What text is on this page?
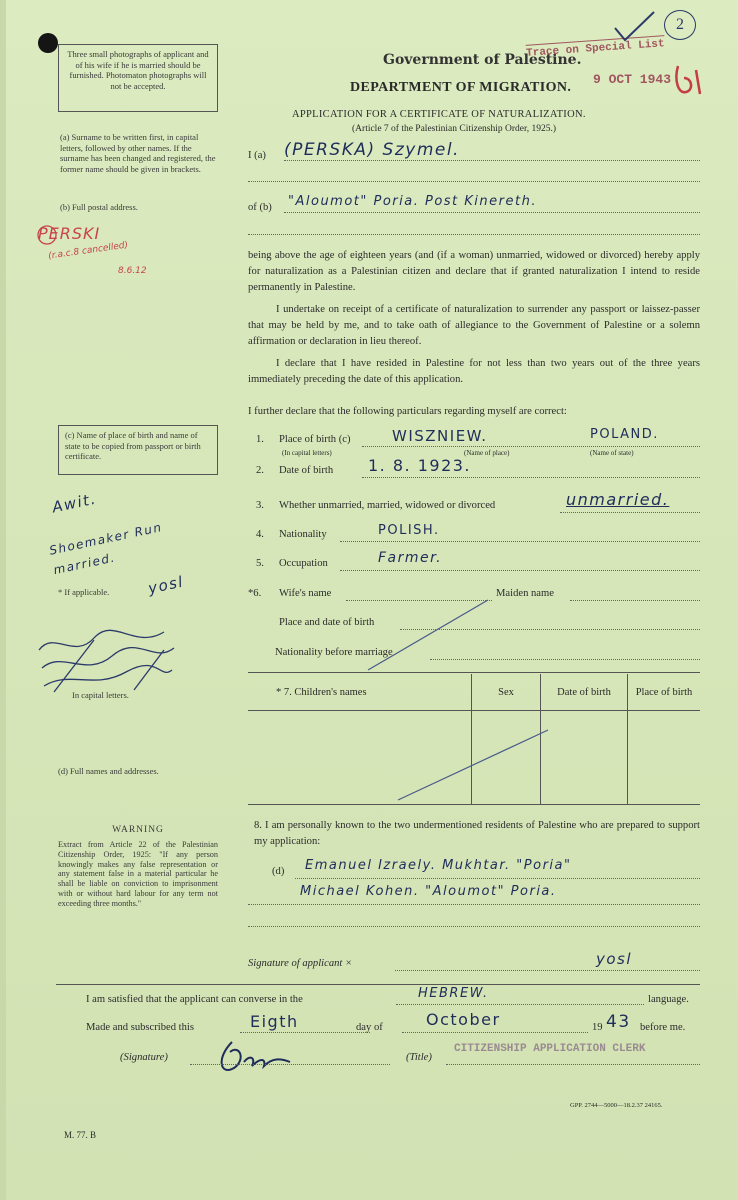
Three small photographs of applicant and of his wife if he is married should be furnished. Photomaton photographs will not be accepted.
Government of Palestine.
DEPARTMENT OF MIGRATION.
APPLICATION FOR A CERTIFICATE OF NATURALIZATION.
(Article 7 of the Palestinian Citizenship Order, 1925.)
Trace on Special List
9 OCT 1943
2
(a) Surname to be written first, in capital letters, followed by other names. If the surname has been changed and registered, the former name should be given in brackets.
(b) Full postal address.
PERSKI
(r.a.c.8 cancelled)
8.6.12
(c) Name of place of birth and name of state to be copied from passport or birth certificate.
Awit.
Shoemaker Run married.
* If applicable. yosl
In capital letters.
(d) Full names and addresses.
WARNING
Extract from Article 22 of the Palestinian Citizenship Order, 1925: "If any person knowingly makes any false representation or any statement false in a material particular he shall be liable on conviction to imprisonment with or without hard labour for any term not exceeding three months."
I (a) (PERSKA) Szymel.
of (b) "Aloumot" Poria. Post Kinereth.
being above the age of eighteen years (and (if a woman) unmarried, widowed or divorced) hereby apply for naturalization as a Palestinian citizen and declare that if granted naturalization I intend to reside permanently in Palestine.
I undertake on receipt of a certificate of naturalization to surrender any passport or laissez-passer that may be held by me, and to take oath of allegiance to the Government of Palestine or a solemn affirmation or declaration in lieu thereof.
I declare that I have resided in Palestine for not less than two years out of the three years immediately preceding the date of this application.
I further declare that the following particulars regarding myself are correct:
1. Place of birth (c)	WISZNIEW.	POLAND.
(In capital letters)	(Name of place)	(Name of state)
2. Date of birth 1. 8. 1923.
3. Whether unmarried, married, widowed or divorced	unmarried.
4. Nationality	POLISH.
5. Occupation	Farmer.
*6. Wife's name	Maiden name
Place and date of birth
Nationality before marriage
* 7. Children's names	Sex	Date of birth	Place of birth

8. I am personally known to the two undermentioned residents of Palestine who are prepared to support my application:
(d) Emanuel Izraely. Mukhtar. "Poria"
Michael Kohen. "Aloumot" Poria.
Signature of applicant ×	yosl
I am satisfied that the applicant can converse in the	HEBREW.	language.
Made and subscribed this	Eigth	day of	October	19 43 before me.
(Signature)	(Title)
CITIZENSHIP APPLICATION CLERK
GPP. 2744—5000—18.2.37 24165.
M. 77. B
